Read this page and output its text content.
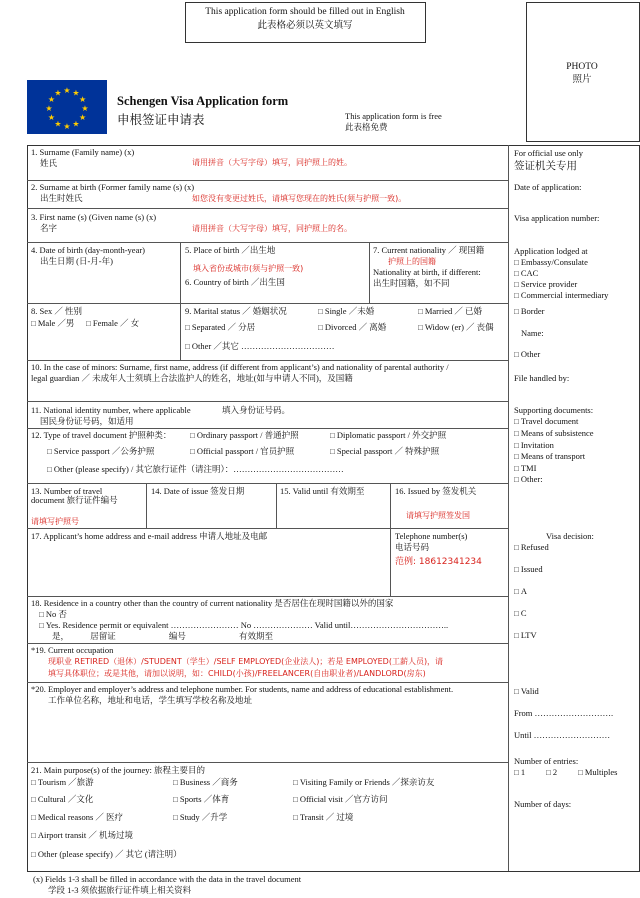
This application form should be filled out in English
此表格必须以英文填写
PHOTO
照片
★ ★
★
★
★
★
★
★
★
★
★
★
Schengen Visa Application form
申根签证申请表	This application form is free
此表格免费
1. Surname (Family name) (x)
姓氏	请用拼音（大写字母）填写，同护照上的姓。
2. Surname at birth (Former family name (s) (x)
出生时姓氏	如您没有变更过姓氏，请填写您现在的姓氏(须与护照一致)。
3. First name (s) (Given name (s) (x)
名字	请用拼音（大写字母）填写，同护照上的名。
4. Date of birth (day-month-year)
出生日期 (日-月-年)
5. Place of birth ／出生地
填入省份或城市(须与护照一致)
6. Country of birth ／出生国
7. Current nationality ／ 现国籍
护照上的国籍
Nationality at birth, if different:
出生时国籍，如不同
8. Sex ／ 性别
□ Male ／男	□ Female ／ 女
9. Marital status ／ 婚姻状况	□ Single ／未婚	□ Married ／ 已婚
□ Separated ／ 分居	□ Divorced ／ 离婚	□ Widow (er) ／ 丧偶
□ Other ／其它 ……………………………
10. In the case of minors: Surname, first name, address (if different from applicant’s) and nationality of parental authority /
legal guardian ／ 未成年人士须填上合法监护人的姓名，地址(如与申请人不同)，及国籍
11. National identity number, where applicable	填入身份证号码。
国民身份证号码，如适用
12. Type of travel document 护照种类：	□ Ordinary passport / 普通护照	□ Diplomatic passport / 外交护照
□ Service passport ／公务护照	□ Official passport / 官员护照	□ Special passport ／ 特殊护照
□ Other (please specify) / 其它旅行证件（请注明）：…………………………………
13. Number of travel
document 旅行证件编号
请填写护照号
14. Date of issue 签发日期	15. Valid until 有效期至	16. Issued by 签发机关
请填写护照签发国
17. Applicant’s home address and e-mail address 申请人地址及电邮	Telephone number(s)
电话号码
范例: 18612341234
18. Residence in a country other than the country of current nationality 是否居住在现时国籍以外的国家
□ No 否
□ Yes. Residence permit or equivalent …………………… No ………………… Valid until……………………………..
是，          居留证                         编号                         有效期至
*19. Current occupation
现职业 RETIRED（退休）/STUDENT（学生）/SELF EMPLOYED(企业法人)；若是 EMPLOYED(工薪人员)，请
填写具体职位；或是其他，请加以说明，如：CHILD(小孩)/FREELANCER(自由职业者)/LANDLORD(房东)
*20. Employer and employer’s address and telephone number. For students, name and address of educational establishment.
工作单位名称，地址和电话，学生填写学校名称及地址
21. Main purpose(s) of the journey: 旅程主要目的
□ Tourism ／旅游	□ Business ／商务	□ Visiting Family or Friends ／探亲访友
□ Cultural ／文化	□ Sports ／体育	□ Official visit ／官方访问
□ Medical reasons ／ 医疗	□ Study ／升学	□ Transit ／ 过境
□ Airport transit ／ 机场过境
□ Other (please specify) ／ 其它 (请注明）
For official use only
签证机关专用
Date of application:
Visa application number:
Application lodged at
□ Embassy/Consulate
□ CAC
□ Service provider
□ Commercial intermediary
□ Border
Name:
□ Other
File handled by:
Supporting documents:
□ Travel document
□ Means of subsistence
□ Invitation
□ Means of transport
□ TMI
□ Other:
Visa decision:
□ Refused
□ Issued
□ A
□ C
□ LTV
□ Valid
From ……………………….
Until ………………………
Number of entries:
□ 1	□ 2	□ Multiples
Number of days:
(x) Fields 1-3 shall be filled in accordance with the data in the travel document
学段 1-3 须依据旅行证件填上相关资料
